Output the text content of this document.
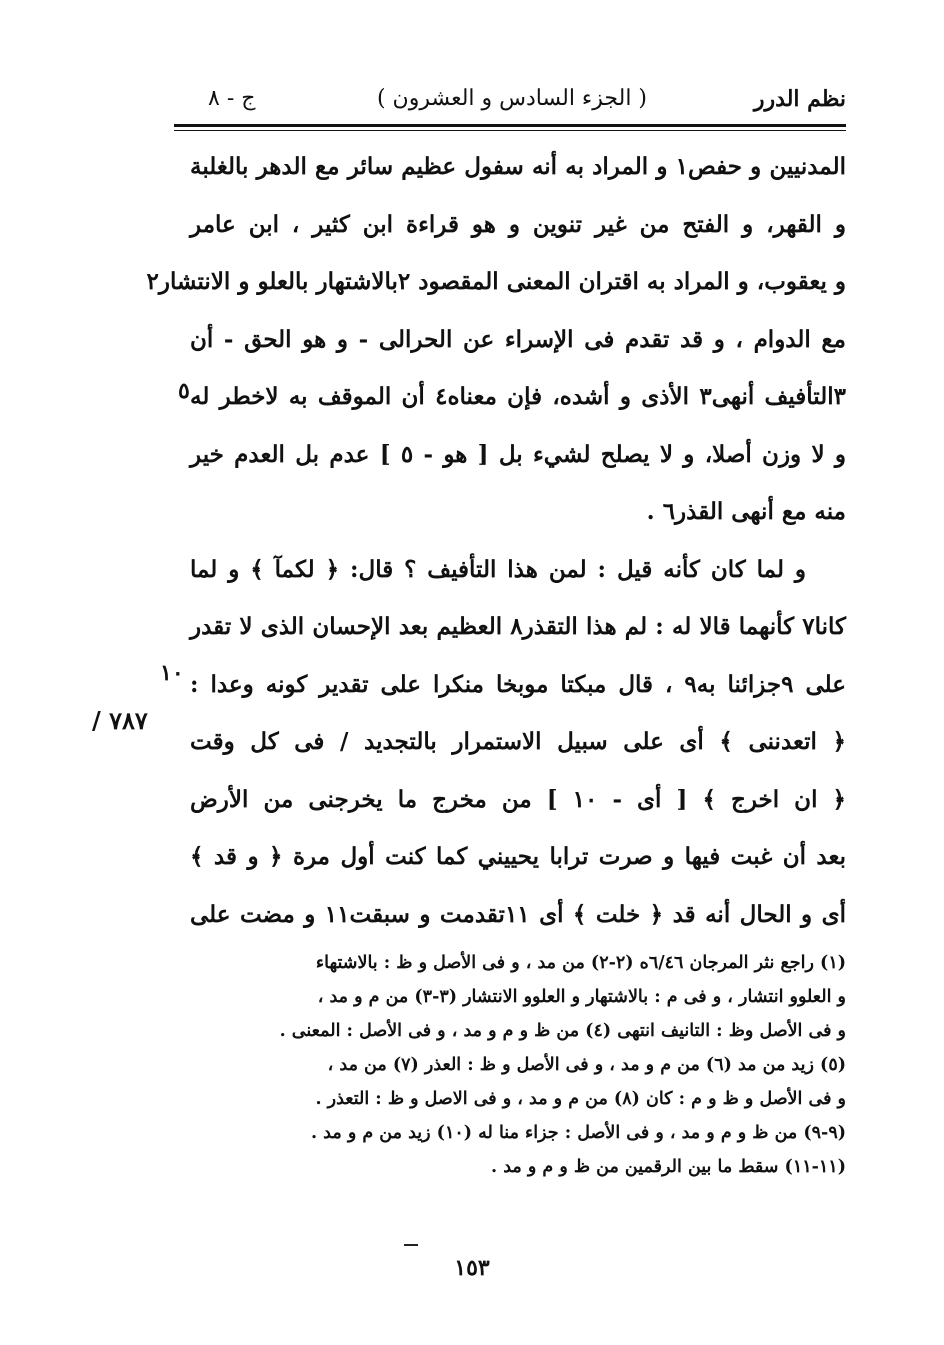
نظم الدرر
( الجزء السادس و العشرون )
ج - ٨
المدنيين و حفص١ و المراد به أنه سفول عظيم سائر مع الدهر بالغلبة
و القهر، و الفتح من غير تنوين و هو قراءة ابن كثير ، ابن عامر
و يعقوب، و المراد به اقتران المعنى المقصود ٢بالاشتهار بالعلو و الانتشار٢
مع الدوام ، و قد تقدم فى الإسراء عن الحرالى - و هو الحق - أن
٣التأفيف أنهى٣ الأذى و أشده، فإن معناه٤ أن الموقف به لاخطر له
و لا وزن أصلا، و لا يصلح لشيء بل [ هو - ٥ ] عدم بل العدم خير
منه مع أنهى القذر٦ .
و لما كان كأنه قيل : لمن هذا التأفيف ؟ قال: ﴿ لكمآ ﴾ و لما
كانا٧ كأنهما قالا له : لم هذا التقذر٨ العظيم بعد الإحسان الذى لا تقدر
على ٩جزائنا به٩ ، قال مبكتا موبخا منكرا على تقدير كونه وعدا :
﴿ اتعدننى ﴾ أى على سبيل الاستمرار بالتجديد / فى كل وقت
﴿ ان اخرج ﴾ [ أى - ١٠ ] من مخرج ما يخرجنى من الأرض
بعد أن غبت فيها و صرت ترابا يحييني كما كنت أول مرة ﴿ و قد ﴾
أى و الحال أنه قد ﴿ خلت ﴾ أى ١١تقدمت و سبقت١١ و مضت على
٥
١٠
٧٨٧ /
(١) راجع نثر المرجان ٦/٤٦ه (٢-٢) من مد ، و فى الأصل و ظ : بالاشتهاء
و العلوو انتشار ، و فى م : بالاشتهار و العلوو الانتشار (٣-٣) من م و مد ،
و فى الأصل وظ : التانيف انتهى (٤) من ظ و م و مد ، و فى الأصل : المعنى .
(٥) زيد من مد (٦) من م و مد ، و فى الأصل و ظ : العذر (٧) من مد ،
و فى الأصل و ظ و م : كان (٨) من م و مد ، و فى الاصل و ظ : التعذر .
(٩-٩) من ظ و م و مد ، و فى الأصل : جزاء منا له (١٠) زيد من م و مد .
(١١-١١) سقط ما بين الرقمين من ظ و م و مد .
١٥٣
